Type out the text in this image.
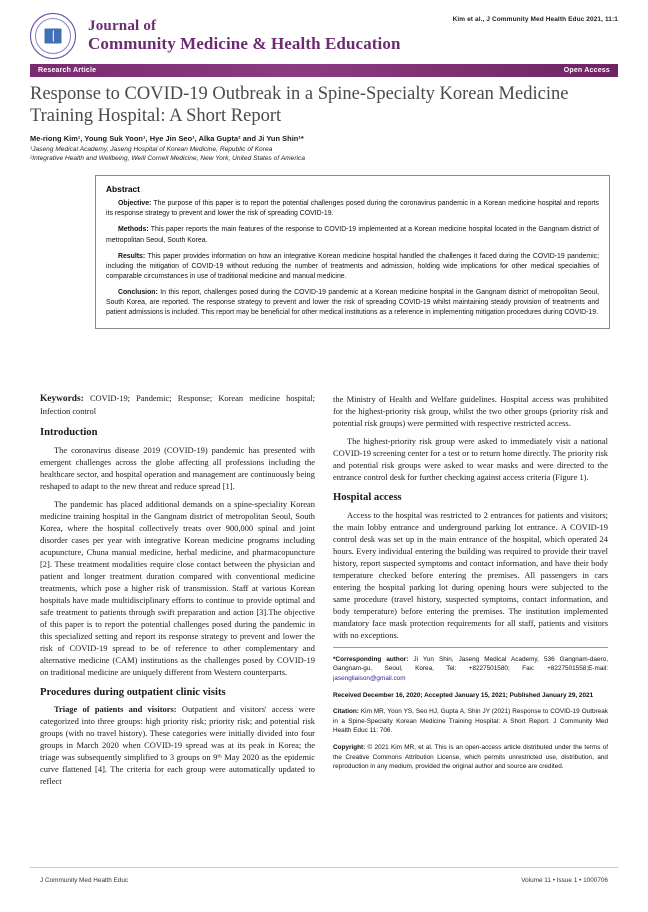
Journal of
Community Medicine & Health Education
Kim et al., J Community Med Health Educ 2021, 11:1
Research Article	Open Access
Response to COVID-19 Outbreak in a Spine-Specialty Korean Medicine Training Hospital: A Short Report
Me-riong Kim¹, Young Suk Yoon¹, Hye Jin Seo¹, Alka Gupta² and Ji Yun Shin¹*
¹Jaseng Medical Academy, Jaseng Hospital of Korean Medicine, Republic of Korea
²Integrative Health and Wellbeing, Weill Cornell Medicine, New York, United States of America
Abstract

Objective: The purpose of this paper is to report the potential challenges posed during the coronavirus pandemic in a Korean medicine hospital and reports its response strategy to prevent and lower the risk of spreading COVID-19.

Methods: This paper reports the main features of the response to COVID-19 implemented at a Korean medicine hospital located in the Gangnam district of metropolitan Seoul, South Korea.

Results: This paper provides information on how an integrative Korean medicine hospital handled the challenges it faced during the COVID-19 pandemic; including the mitigation of COVID-19 without reducing the number of treatments and admission, holding wide implications for other medical specialties of comparable circumstances in use of traditional medicine and manual medicine.

Conclusion: In this report, challenges posed during the COVID-19 pandemic at a Korean medicine hospital in the Gangnam district of metropolitan Seoul, South Korea, are reported. The response strategy to prevent and lower the risk of spreading COVID-19 whilst maintaining steady provision of treatments and patient admissions is included. This report may be beneficial for other medical institutions as a reference in implementing mitigation procedures during COVID-19.

Keywords: COVID-19; Pandemic; Response; Korean medicine hospital; Infection control

Introduction

The coronavirus disease 2019 (COVID-19) pandemic has presented with emergent challenges across the globe affecting all professions including the healthcare sector, and hospital operation and management are continuously being reshaped to adapt to the new threat and reduce spread [1].

The pandemic has placed additional demands on a spine-speciality Korean medicine training hospital in the Gangnam district of metropolitan Seoul, South Korea, where the hospital collectively treats over 900,000 spinal and joint disorder cases per year with integrative Korean medicine programs including acupuncture, Chuna manual medicine, herbal medicine, and pharmacopuncture [2]. These treatment modalities require close contact between the physician and patient and longer treatment duration compared with conventional medicine treatments, which pose a higher risk of transmission. Staff at various Korean hospitals have made multidisciplinary efforts to continue to provide optimal and safe treatment to patients through swift preparation and action [3].The objective of this paper is to report the potential challenges posed during the pandemic in this specialized setting and report its response strategy to prevent and lower the risk of COVID-19 spread to be of reference to other complementary and alternative medicine (CAM) institutions as the challenges posed by COVID-19 on traditional medicine are uniquely different from Western counterparts.

Procedures during outpatient clinic visits

Triage of patients and visitors: Outpatient and visitors' access were categorized into three groups: high priority risk; priority risk; and potential risk groups (with no travel history). These categories were initially divided into four groups in March 2020 when COVID-19 spread was at its peak in Korea; the triage was subsequently simplified to 3 groups on 9ᵗʰ May 2020 as the epidemic curve flattened [4]. The criteria for each group were automatically updated to reflect

the Ministry of Health and Welfare guidelines. Hospital access was prohibited for the highest-priority risk group, whilst the two other groups (priority risk and potential risk groups) were permitted with respective restricted access.

The highest-priority risk group were asked to immediately visit a national COVID-19 screening center for a test or to return home directly. The priority risk and potential risk groups were asked to wear masks and were directed to the entrance control desk for further checking against access criteria (Figure 1).

Hospital access

Access to the hospital was restricted to 2 entrances for patients and visitors; the main lobby entrance and underground parking lot entrance. A COVID-19 control desk was set up in the main entrance of the hospital, which operated 24 hours. Every individual entering the building was required to provide their travel history, report suspected symptoms and contact information, and have their body temperature checked before entering the premises. All passengers in cars entering the hospital parking lot during opening hours were subjected to the same procedure (travel history, suspected symptoms, contact information, and body temperature) before entering the premises. The institution implemented mandatory face mask protection requirements for all staff, patients and visitors with no exceptions.

*Corresponding author: Ji Yun Shin, Jaseng Medical Academy, 536 Gangnam-daero, Gangnam-gu, Seoul, Korea, Tel: +8227501580; Fax: +8227501558;E-mail: jasengliaison@gmail.com

Received December 16, 2020; Accepted January 15, 2021; Published January 29, 2021

Citation: Kim MR, Yoon YS, Seo HJ, Gupta A, Shin JY (2021) Response to COVID-19 Outbreak in a Spine-Specialty Korean Medicine Training Hospital: A Short Report. J Community Med Health Educ 11: 706.

Copyright: © 2021 Kim MR, et al. This is an open-access article distributed under the terms of the Creative Commons Attribution License, which permits unrestricted use, distribution, and reproduction in any medium, provided the original author and source are credited.

J Community Med Health Educ	Volume 11 • Issue 1 • 1000706
